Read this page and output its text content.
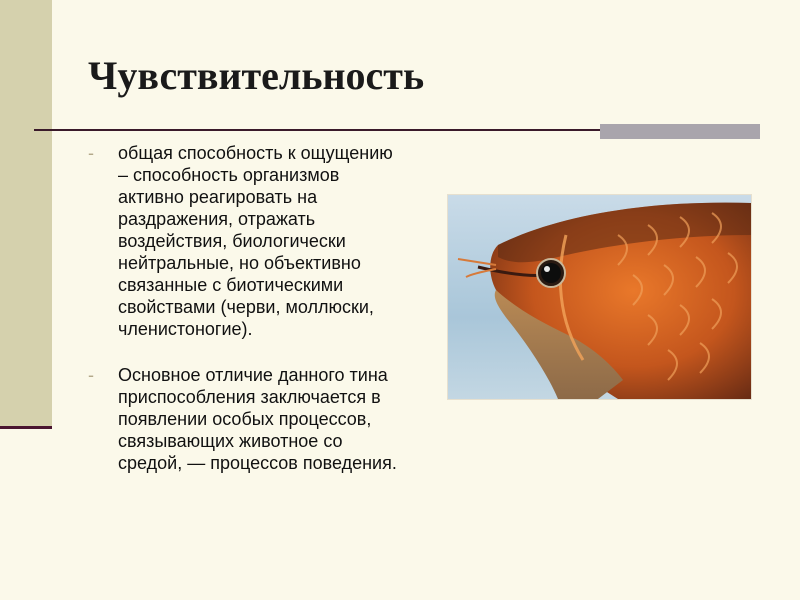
Чувствительность
- общая способность к ощущению – способность организмов активно реагировать на раздражения, отражать воздействия, биологически нейтральные, но объективно связанные с биотическими свойствами (черви, моллюски, членистоногие).
- Основное отличие данного тина приспособления заключается в появлении особых процессов, связывающих животное со средой, — процессов поведения.
